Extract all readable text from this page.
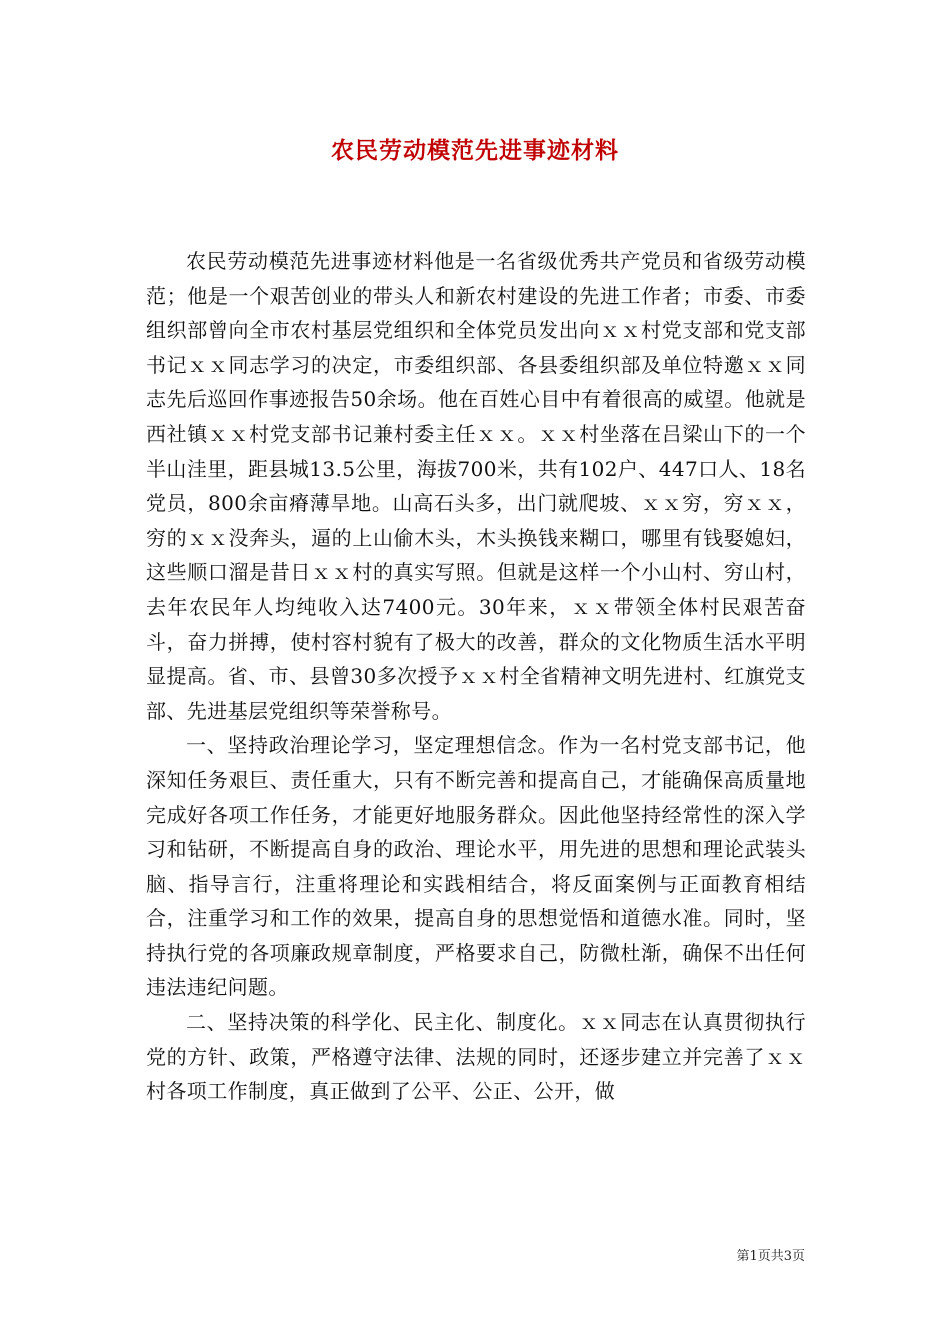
农民劳动模范先进事迹材料

农民劳动模范先进事迹材料他是一名省级优秀共产党员和省级劳动模范；他是一个艰苦创业的带头人和新农村建设的先进工作者；市委、市委组织部曾向全市农村基层党组织和全体党员发出向ｘｘ村党支部和党支部书记ｘｘ同志学习的决定，市委组织部、各县委组织部及单位特邀ｘｘ同志先后巡回作事迹报告50余场。他在百姓心目中有着很高的威望。他就是西社镇ｘｘ村党支部书记兼村委主任ｘｘ。ｘｘ村坐落在吕梁山下的一个半山洼里，距县城13.5公里，海拔700米，共有102户、447口人、18名党员，800余亩瘠薄旱地。山高石头多，出门就爬坡、ｘｘ穷，穷ｘｘ，穷的ｘｘ没奔头，逼的上山偷木头，木头换钱来糊口，哪里有钱娶媳妇，这些顺口溜是昔日ｘｘ村的真实写照。但就是这样一个小山村、穷山村，去年农民年人均纯收入达7400元。30年来，ｘｘ带领全体村民艰苦奋斗，奋力拼搏，使村容村貌有了极大的改善，群众的文化物质生活水平明显提高。省、市、县曾30多次授予ｘｘ村全省精神文明先进村、红旗党支部、先进基层党组织等荣誉称号。

一、坚持政治理论学习，坚定理想信念。作为一名村党支部书记，他深知任务艰巨、责任重大，只有不断完善和提高自己，才能确保高质量地完成好各项工作任务，才能更好地服务群众。因此他坚持经常性的深入学习和钻研，不断提高自身的政治、理论水平，用先进的思想和理论武装头脑、指导言行，注重将理论和实践相结合，将反面案例与正面教育相结合，注重学习和工作的效果，提高自身的思想觉悟和道德水准。同时，坚持执行党的各项廉政规章制度，严格要求自己，防微杜渐，确保不出任何违法违纪问题。

二、坚持决策的科学化、民主化、制度化。ｘｘ同志在认真贯彻执行党的方针、政策，严格遵守法律、法规的同时，还逐步建立并完善了ｘｘ村各项工作制度，真正做到了公平、公正、公开，做

第1页共3页
